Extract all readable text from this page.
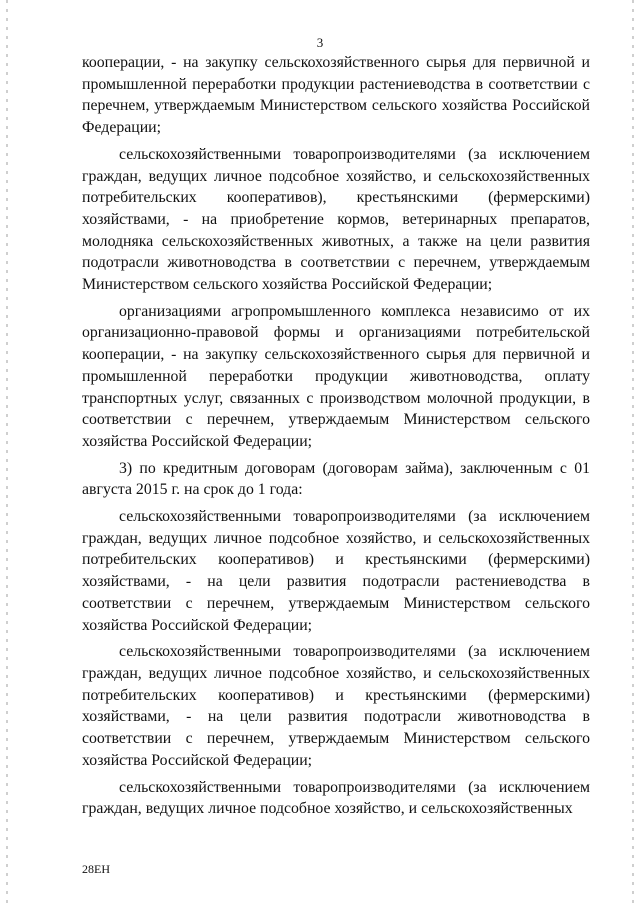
3

кооперации, - на закупку сельскохозяйственного сырья для первичной и промышленной переработки продукции растениеводства в соответствии с перечнем, утверждаемым Министерством сельского хозяйства Российской Федерации;

сельскохозяйственными товаропроизводителями (за исключением граждан, ведущих личное подсобное хозяйство, и сельскохозяйственных потребительских кооперативов), крестьянскими (фермерскими) хозяйствами, - на приобретение кормов, ветеринарных препаратов, молодняка сельскохозяйственных животных, а также на цели развития подотрасли животноводства в соответствии с перечнем, утверждаемым Министерством сельского хозяйства Российской Федерации;

организациями агропромышленного комплекса независимо от их организационно-правовой формы и организациями потребительской кооперации, - на закупку сельскохозяйственного сырья для первичной и промышленной переработки продукции животноводства, оплату транспортных услуг, связанных с производством молочной продукции, в соответствии с перечнем, утверждаемым Министерством сельского хозяйства Российской Федерации;

3) по кредитным договорам (договорам займа), заключенным с 01 августа 2015 г. на срок до 1 года:

сельскохозяйственными товаропроизводителями (за исключением граждан, ведущих личное подсобное хозяйство, и сельскохозяйственных потребительских кооперативов) и крестьянскими (фермерскими) хозяйствами, - на цели развития подотрасли растениеводства в соответствии с перечнем, утверждаемым Министерством сельского хозяйства Российской Федерации;

сельскохозяйственными товаропроизводителями (за исключением граждан, ведущих личное подсобное хозяйство, и сельскохозяйственных потребительских кооперативов) и крестьянскими (фермерскими) хозяйствами, - на цели развития подотрасли животноводства в соответствии с перечнем, утверждаемым Министерством сельского хозяйства Российской Федерации;

сельскохозяйственными товаропроизводителями (за исключением граждан, ведущих личное подсобное хозяйство, и сельскохозяйственных

28EH
